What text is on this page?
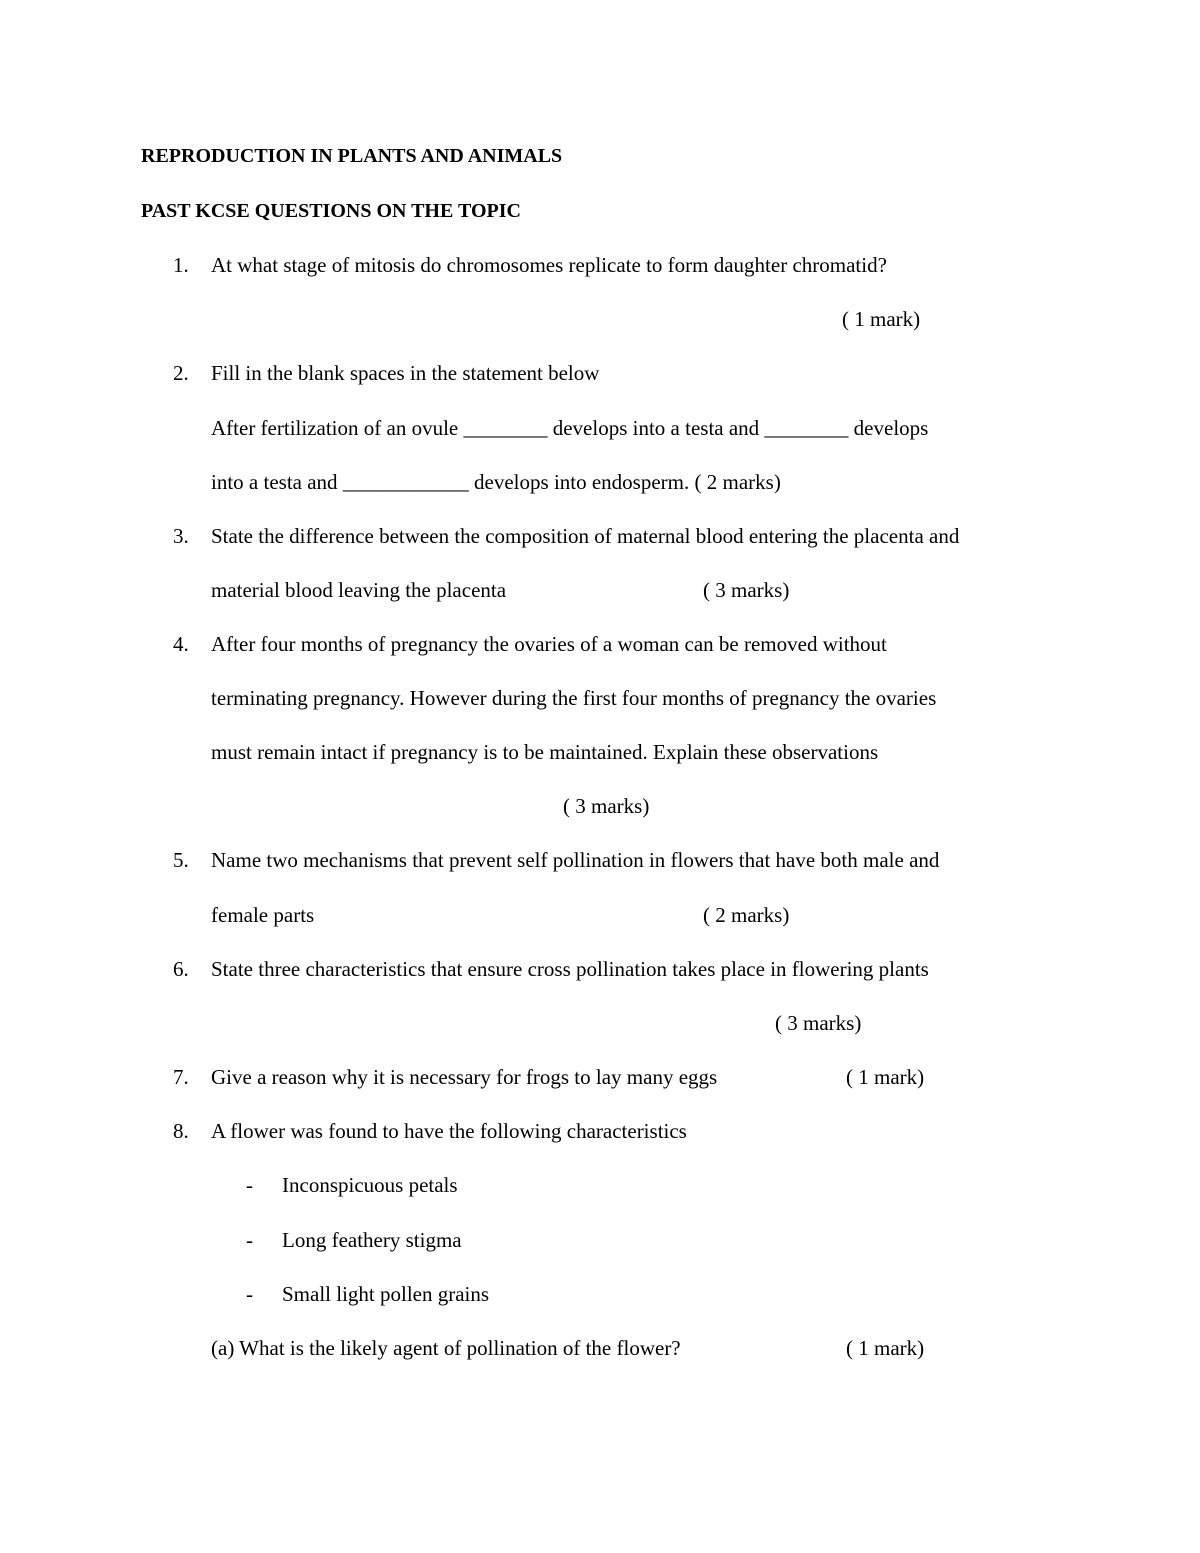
REPRODUCTION IN PLANTS AND ANIMALS
PAST KCSE QUESTIONS ON THE TOPIC
1. At what stage of mitosis do chromosomes replicate to form daughter chromatid?
( 1 mark)
2. Fill in the blank spaces in the statement below
After fertilization of an ovule ________ develops into a testa and ________ develops
into a testa and ____________ develops into endosperm. ( 2 marks)
3. State the difference between the composition of maternal blood entering the placenta and
material blood leaving the placenta	( 3 marks)
4. After four months of pregnancy the ovaries of a woman can be removed without
terminating pregnancy. However during the first four months of pregnancy the ovaries
must remain intact if pregnancy is to be maintained. Explain these observations
( 3 marks)
5. Name two mechanisms that prevent self pollination in flowers that have both male and
female parts	( 2 marks)
6. State three characteristics that ensure cross pollination takes place in flowering plants
( 3 marks)
7. Give a reason why it is necessary for frogs to lay many eggs	( 1 mark)
8. A flower was found to have the following characteristics
- Inconspicuous petals
- Long feathery stigma
- Small light pollen grains
(a) What is the likely agent of pollination of the flower?	( 1 mark)
